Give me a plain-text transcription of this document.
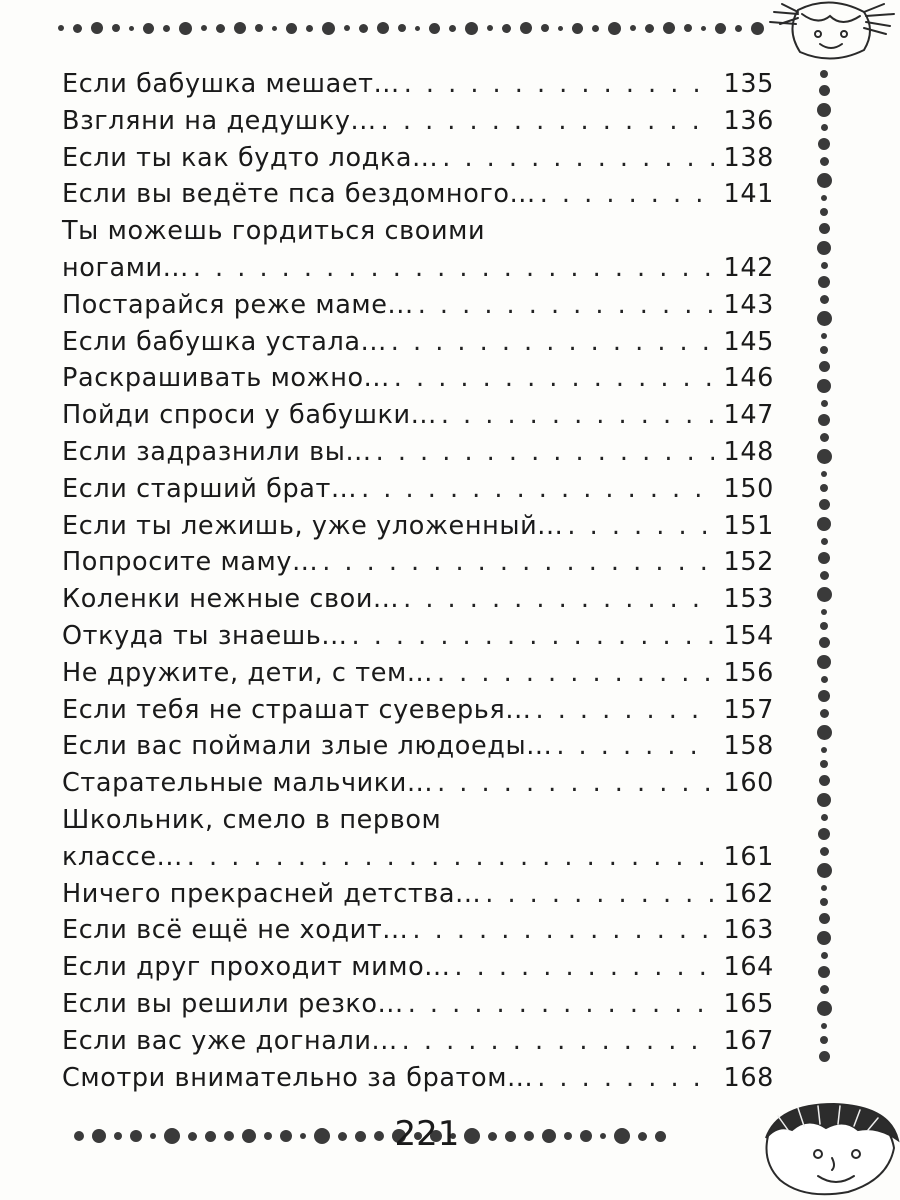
Если бабушка мешает... . . .	135
Взгляни на дедушку... . . .	136
Если ты как будто лодка... . . .	138
Если вы ведёте пса бездомного... . . .	141
Ты можешь гордиться своими
ногами... . . .	142
Постарайся реже маме... . . .	143
Если бабушка устала... . . .	145
Раскрашивать можно... . . .	146
Пойди спроси у бабушки... . . .	147
Если задразнили вы... . . .	148
Если старший брат... . . .	150
Если ты лежишь, уже уложенный... . . .	151
Попросите маму... . . .	152
Коленки нежные свои... . . .	153
Откуда ты знаешь... . . .	154
Не дружите, дети, с тем... . . .	156
Если тебя не страшат суеверья... . . .	157
Если вас поймали злые людоеды... . . .	158
Старательные мальчики... . . .	160
Школьник, смело в первом
классе... . . .	161
Ничего прекрасней детства... . . .	162
Если всё ещё не ходит... . . .	163
Если друг проходит мимо... . . .	164
Если вы решили резко... . . .	165
Если вас уже догнали... . . .	167
Смотри внимательно за братом... . . .	168
221
